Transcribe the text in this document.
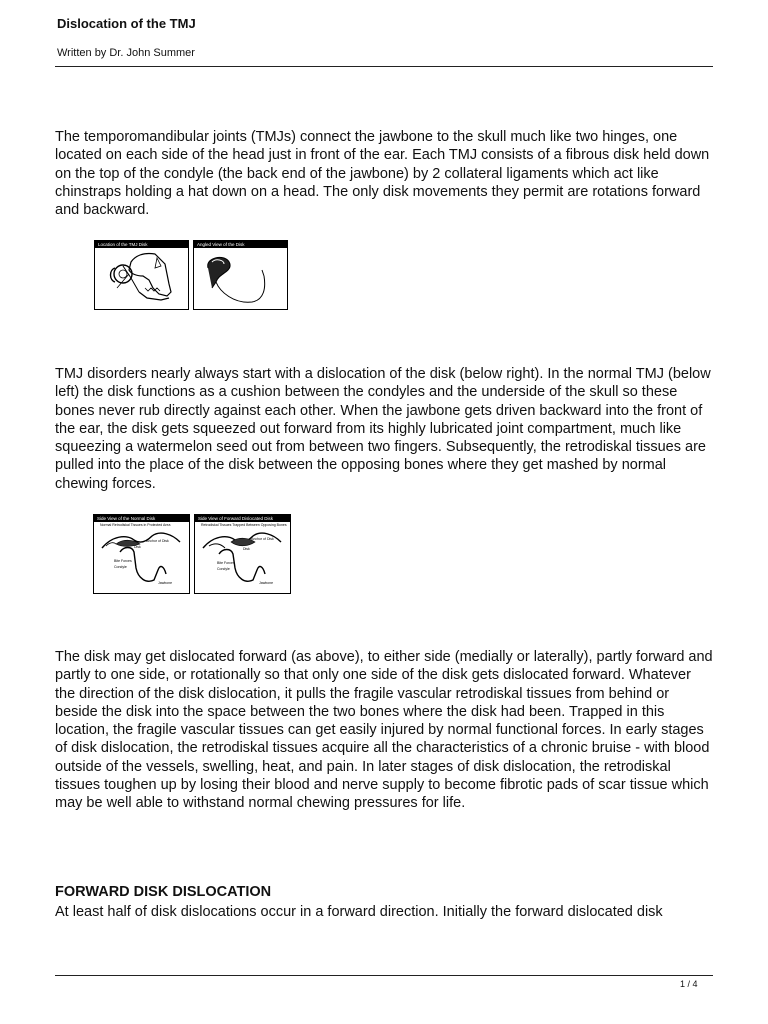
Dislocation of the TMJ
Written by Dr. John Summer

The temporomandibular joints (TMJs) connect the jawbone to the skull much like two hinges, one located on each side of the head just in front of the ear. Each TMJ consists of a fibrous disk held down on the top of the condyle (the back end of the jawbone) by 2 collateral ligaments which act like chinstraps holding a hat down on a head. The only disk movements they permit are rotations forward and backward.

Location of the TMJ Disk	Angled View of the Disk

TMJ disorders nearly always start with a dislocation of the disk (below right). In the normal TMJ (below left) the disk functions as a cushion between the condyles and the underside of the skull so these bones never rub directly against each other. When the jawbone gets driven backward into the front of the ear, the disk gets squeezed out forward from its highly lubricated joint compartment, much like squeezing a watermelon seed out from between two fingers. Subsequently, the retrodiskal tissues are pulled into the place of the disk between the opposing bones where they get mashed by normal chewing forces.

Side View of the Normal Disk
Normal Retrodiskal Tissues in Protected Area
Anchor of Disk
Disk
Bite Forces
Condyle
Jawbone
Side View of Forward Dislocated Disk
Retrodiskal Tissues Trapped Between Opposing Bones
Anchor of Disk
Disk
Bite Forces
Condyle
Jawbone

The disk may get dislocated forward (as above), to either side (medially or laterally), partly forward and partly to one side, or rotationally so that only one side of the disk gets dislocated forward. Whatever the direction of the disk dislocation, it pulls the fragile vascular retrodiskal tissues from behind or beside the disk into the space between the two bones where the disk had been. Trapped in this location, the fragile vascular tissues can get easily injured by normal functional forces. In early stages of disk dislocation, the retrodiskal tissues acquire all the characteristics of a chronic bruise - with blood outside of the vessels, swelling, heat, and pain. In later stages of disk dislocation, the retrodiskal tissues toughen up by losing their blood and nerve supply to become fibrotic pads of scar tissue which may be well able to withstand normal chewing pressures for life.

FORWARD DISK DISLOCATION

At least half of disk dislocations occur in a forward direction. Initially the forward dislocated disk

1 / 4
